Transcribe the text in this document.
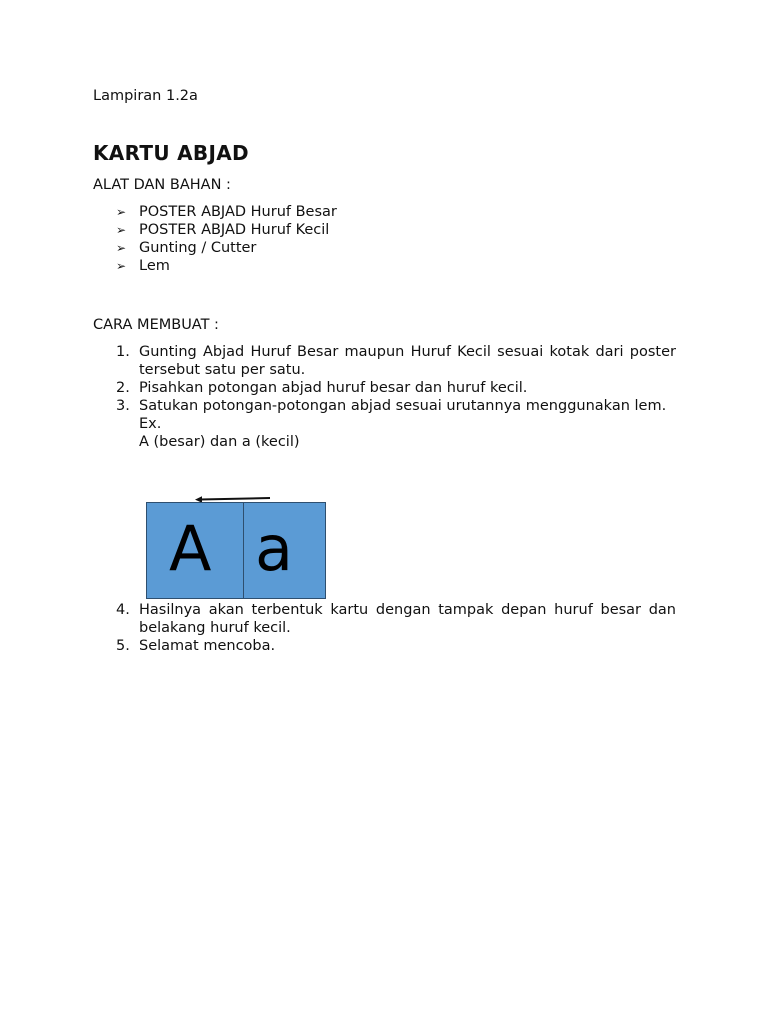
Lampiran 1.2a
KARTU ABJAD
ALAT DAN BAHAN :
➢ POSTER ABJAD Huruf Besar
➢ POSTER ABJAD Huruf Kecil
➢ Gunting / Cutter
➢ Lem
CARA MEMBUAT :
1. Gunting Abjad Huruf Besar maupun Huruf Kecil sesuai kotak dari poster tersebut satu per satu.
2. Pisahkan potongan abjad huruf besar dan huruf kecil.
3. Satukan potongan-potongan abjad sesuai urutannya menggunakan lem.
Ex.
A (besar) dan a (kecil)
A a
4. Hasilnya akan terbentuk kartu dengan tampak depan huruf besar dan belakang huruf kecil.
5. Selamat mencoba.
